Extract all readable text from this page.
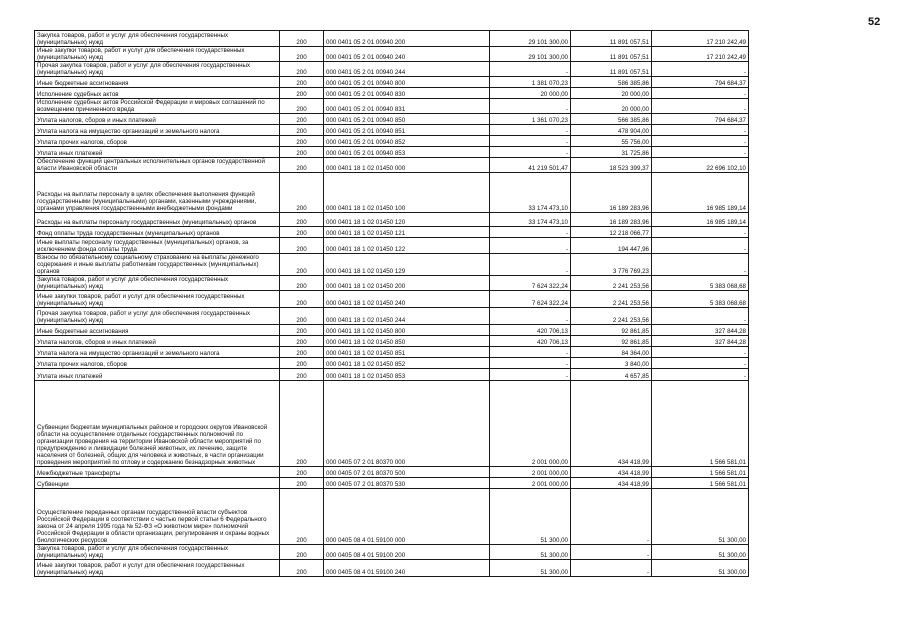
52
Закупка товаров, работ и услуг для обеспечения государственных (муниципальных) нужд	200	000 0401 05 2 01 00940 200	29 101 300,00	11 891 057,51	17 210 242,49
Иные закупки товаров, работ и услуг для обеспечения государственных (муниципальных) нужд	200	000 0401 05 2 01 00940 240	29 101 300,00	11 891 057,51	17 210 242,49
Прочая закупка товаров, работ и услуг для обеспечения государственных (муниципальных) нужд	200	000 0401 05 2 01 00940 244	-	11 891 057,51	-
Иные бюджетные ассигнования	200	000 0401 05 2 01 00940 800	1 381 070,23	586 385,86	794 684,37
Исполнение судебных актов	200	000 0401 05 2 01 00940 830	20 000,00	20 000,00	-
Исполнение судебных актов Российской Федерации и мировых соглашений по возмещению причиненного вреда	200	000 0401 05 2 01 00940 831	-	20 000,00	-
Уплата налогов, сборов и иных платежей	200	000 0401 05 2 01 00940 850	1 361 070,23	566 385,86	794 684,37
Уплата налога на имущество организаций и земельного налога	200	000 0401 05 2 01 00940 851	-	478 904,00	-
Уплата прочих налогов, сборов	200	000 0401 05 2 01 00940 852	-	55 756,00	-
Уплата иных платежей	200	000 0401 05 2 01 00940 853	-	31 725,86	-
Обеспечение функций центральных исполнительных органов государственной власти Ивановской области	200	000 0401 18 1 02 01450 000	41 219 501,47	18 523 399,37	22 696 102,10
Расходы на выплаты персоналу в целях обеспечения выполнения функций государственными (муниципальными) органами, казенными учреждениями, органами управления государственными внебюджетными фондами	200	000 0401 18 1 02 01450 100	33 174 473,10	16 189 283,96	16 985 189,14
Расходы на выплаты персоналу государственных (муниципальных) органов	200	000 0401 18 1 02 01450 120	33 174 473,10	16 189 283,96	16 985 189,14
Фонд оплаты труда государственных (муниципальных) органов	200	000 0401 18 1 02 01450 121	-	12 218 066,77	-
Иные выплаты персоналу государственных (муниципальных) органов, за исключением фонда оплаты труда	200	000 0401 18 1 02 01450 122	-	194 447,96	-
Взносы по обязательному социальному страхованию на выплаты денежного содержания и иные выплаты работникам государственных (муниципальных) органов	200	000 0401 18 1 02 01450 129	-	3 776 769,23	-
Закупка товаров, работ и услуг для обеспечения государственных (муниципальных) нужд	200	000 0401 18 1 02 01450 200	7 624 322,24	2 241 253,56	5 383 068,68
Иные закупки товаров, работ и услуг для обеспечения государственных (муниципальных) нужд	200	000 0401 18 1 02 01450 240	7 624 322,24	2 241 253,56	5 383 068,68
Прочая закупка товаров, работ и услуг для обеспечения государственных (муниципальных) нужд	200	000 0401 18 1 02 01450 244	-	2 241 253,56	-
Иные бюджетные ассигнования	200	000 0401 18 1 02 01450 800	420 706,13	92 861,85	327 844,28
Уплата налогов, сборов и иных платежей	200	000 0401 18 1 02 01450 850	420 706,13	92 861,85	327 844,28
Уплата налога на имущество организаций и земельного налога	200	000 0401 18 1 02 01450 851	-	84 364,00	-
Уплата прочих налогов, сборов	200	000 0401 18 1 02 01450 852	-	3 840,00	-
Уплата иных платежей	200	000 0401 18 1 02 01450 853	-	4 657,85	-
Субвенции бюджетам муниципальных районов и городских округов Ивановской области на осуществление отдельных государственных полномочий по организации проведения на территории Ивановской области мероприятий по предупреждению и ликвидации болезней животных, их лечению, защите населения от болезней, общих для человека и животных, в части организации проведения мероприятий по отлову и содержанию безнадзорных животных	200	000 0405 07 2 01 80370 000	2 001 000,00	434 418,99	1 566 581,01
Межбюджетные трансферты	200	000 0405 07 2 01 80370 500	2 001 000,00	434 418,99	1 566 581,01
Субвенции	200	000 0405 07 2 01 80370 530	2 001 000,00	434 418,99	1 566 581,01
Осуществление переданных органам государственной власти субъектов Российской Федерации в соответствии с частью первой статьи 6 Федерального закона от 24 апреля 1995 года № 52-ФЗ «О животном мире» полномочий Российской Федерации в области организации, регулирования и охраны водных биологических ресурсов	200	000 0405 08 4 01 59100 000	51 300,00	-	51 300,00
Закупка товаров, работ и услуг для обеспечения государственных (муниципальных) нужд	200	000 0405 08 4 01 59100 200	51 300,00	-	51 300,00
Иные закупки товаров, работ и услуг для обеспечения государственных (муниципальных) нужд	200	000 0405 08 4 01 59100 240	51 300,00	-	51 300,00
